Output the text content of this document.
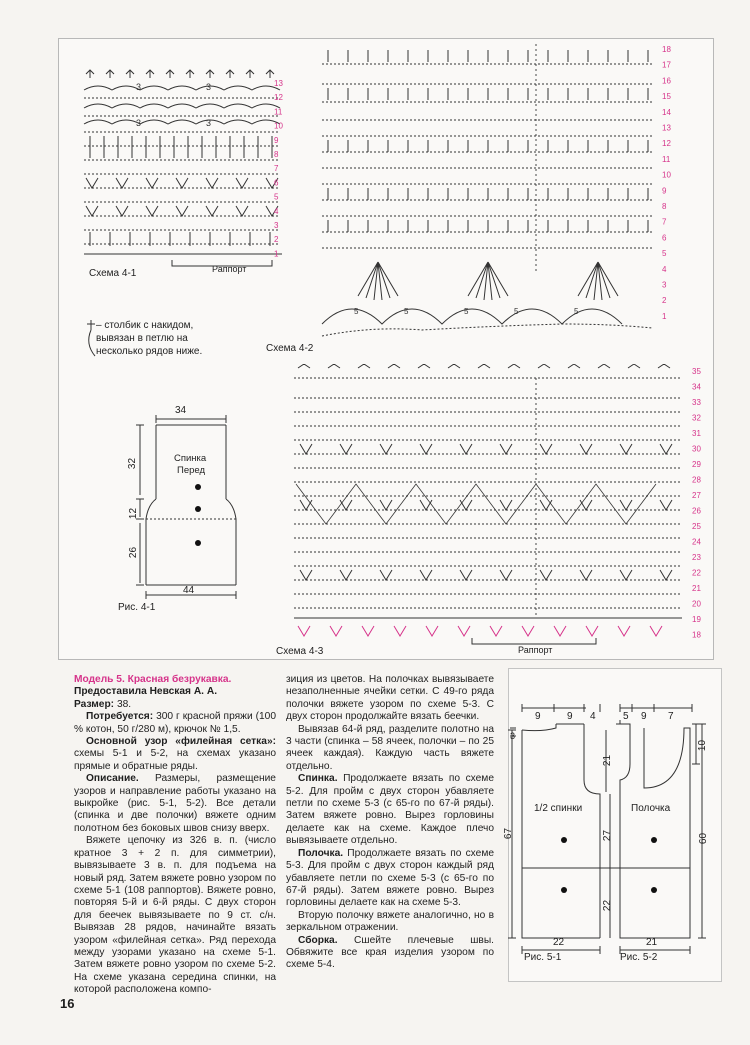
3	3
3	3
13
12
11
10
9
8
7
6
5
4
3
2
1
Схема 4-1	Раппорт
– столбик с накидом,
вывязан в петлю на
несколько рядов ниже.
5	5	5	5	5
18
17
16
15
14
13
12
11
10
9
8
7
6
5
4
3
2
1
Схема 4-2
34
Спинка
Перед
32
12
26
44
Рис. 4-1
35
34
33
32
31
30
29
28
27
26
25
24
23
22
21
20
19
18
Раппорт
Схема 4-3

Модель 5. Красная безрукавка.

Предоставила Невская А. А.

Размер: 38.

Потребуется: 300 г красной пряжи (100 % котон, 50 г/280 м), крючок № 1,5.

Основной узор «филейная сетка»: схемы 5-1 и 5-2, на схемах указано прямые и обратные ряды.

Описание. Размеры, размещение узоров и направление работы указано на выкройке (рис. 5-1, 5-2). Все детали (спинка и две полочки) вяжете одним полотном без боковых швов снизу вверх.

Вяжете цепочку из 326 в. п. (число кратное 3 + 2 п. для симметрии), вывязываете 3 в. п. для подъема на новый ряд. Затем вяжете ровно узором по схеме 5-1 (108 раппортов). Вяжете ровно, повторяя 5-й и 6-й ряды. С двух сторон для беечек вывязываете по 9 ст. с/н. Вывязав 28 рядов, начинайте вязать узором «филейная сетка». Ряд перехода между узорами указано на схеме 5-1. Затем вяжете ровно узором по схеме 5-2. На схеме указана середина спинки, на которой расположена компо-

зиция из цветов. На полочках вывязываете незаполненные ячейки сетки. С 49-го ряда полочки вяжете узором по схеме 5-3. С двух сторон продолжайте вязать беечки.

Вывязав 64-й ряд, разделите полотно на 3 части (спинка – 58 ячеек, полочки – по 25 ячеек каждая). Каждую часть вяжете отдельно.

Спинка. Продолжаете вязать по схеме 5-2. Для пройм с двух сторон убавляете петли по схеме 5-3 (с 65-го по 67-й ряды). Затем вяжете ровно. Вырез горловины делаете как на схеме. Каждое плечо вывязываете отдельно.

Полочка. Продолжаете вязать по схеме 5-3. Для пройм с двух сторон каждый ряд убавляете петли по схеме 5-3 (с 65-го по 67-й ряды). Затем вяжете ровно. Вырез горловины делаете как на схеме 5-3.

Вторую полочку вяжете аналогично, но в зеркальном отражении.

Сборка. Сшейте плечевые швы. Обвяжите все края изделия узором по схеме 5-4.

9	9 4	5 9 7
3
10
21
27
22
67	60
1/2 спинки	Полочка
22	21
Рис. 5-1	Рис. 5-2
16
